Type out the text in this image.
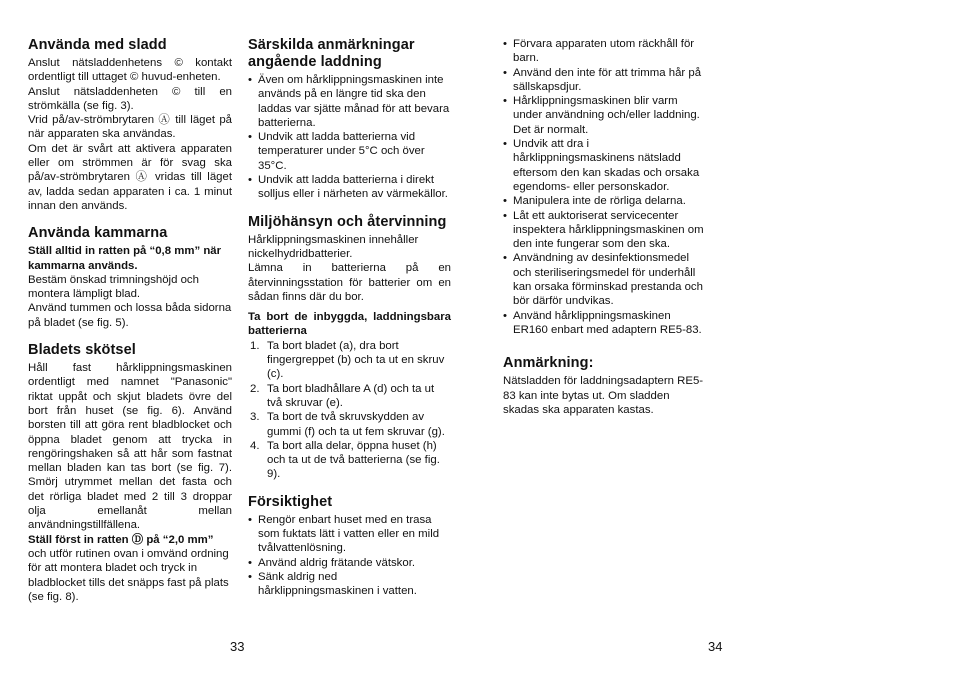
Använda med sladd

Anslut nätsladdenhetens © kontakt ordentligt till uttaget © huvud-enheten.

Anslut nätsladdenheten © till en strömkälla (se fig. 3).

Vrid på/av-strömbrytaren Ⓐ till läget på när apparaten ska användas.

Om det är svårt att aktivera apparaten eller om strömmen är för svag ska på/av-strömbrytaren Ⓐ vridas till läget av, ladda sedan apparaten i ca. 1 minut innan den används.

Använda kammarna

Ställ alltid in ratten på “0,8 mm” när kammarna används.

Bestäm önskad trimningshöjd och montera lämpligt blad.

Använd tummen och lossa båda sidorna på bladet (se fig. 5).

Bladets skötsel

Håll fast hårklippningsmaskinen ordentligt med namnet "Panasonic" riktat uppåt och skjut bladets övre del bort från huset (se fig. 6). Använd borsten till att göra rent bladblocket och öppna bladet genom att trycka in rengöringshaken så att hår som fastnat mellan bladen kan tas bort (se fig. 7). Smörj utrymmet mellan det fasta och det rörliga bladet med 2 till 3 droppar olja emellanåt mellan användningstillfällena.

Ställ först in ratten Ⓓ på “2,0 mm”

och utför rutinen ovan i omvänd ordning för att montera bladet och tryck in bladblocket tills det snäpps fast på plats (se fig. 8).

Särskilda anmärkningar angående laddning
• Även om hårklippningsmaskinen inte används på en längre tid ska den laddas var sjätte månad för att bevara batterierna.
• Undvik att ladda batterierna vid temperaturer under 5°C och över 35°C.
• Undvik att ladda batterierna i direkt solljus eller i närheten av värmekällor.
Miljöhänsyn och återvinning

Hårklippningsmaskinen innehåller nickelhydridbatterier.

Lämna in batterierna på en återvinningsstation för batterier om en sådan finns där du bor.

Ta bort de inbyggda, laddningsbara batterierna

1. Ta bort bladet (a), dra bort fingergreppet (b) och ta ut en skruv (c).
2. Ta bort bladhållare A (d) och ta ut två skruvar (e).
3. Ta bort de två skruvskydden av gummi (f) och ta ut fem skruvar (g).
4. Ta bort alla delar, öppna huset (h) och ta ut de två batterierna (se fig. 9).
Försiktighet
• Rengör enbart huset med en trasa som fuktats lätt i vatten eller en mild tvålvattenlösning.
• Använd aldrig frätande vätskor.
• Sänk aldrig ned hårklippningsmaskinen i vatten.
• Förvara apparaten utom räckhåll för barn.
• Använd den inte för att trimma hår på sällskapsdjur.
• Hårklippningsmaskinen blir varm under användning och/eller laddning. Det är normalt.
• Undvik att dra i hårklippningsmaskinens nätsladd eftersom den kan skadas och orsaka egendoms- eller personskador.
• Manipulera inte de rörliga delarna.
• Låt ett auktoriserat servicecenter inspektera hårklippningsmaskinen om den inte fungerar som den ska.
• Användning av desinfektionsmedel och steriliseringsmedel för underhåll kan orsaka förminskad prestanda och bör därför undvikas.
• Använd hårklippningsmaskinen ER160 enbart med adaptern RE5-83.
Anmärkning:

Nätsladden för laddningsadaptern RE5-83 kan inte bytas ut. Om sladden skadas ska apparaten kastas.

33	34
